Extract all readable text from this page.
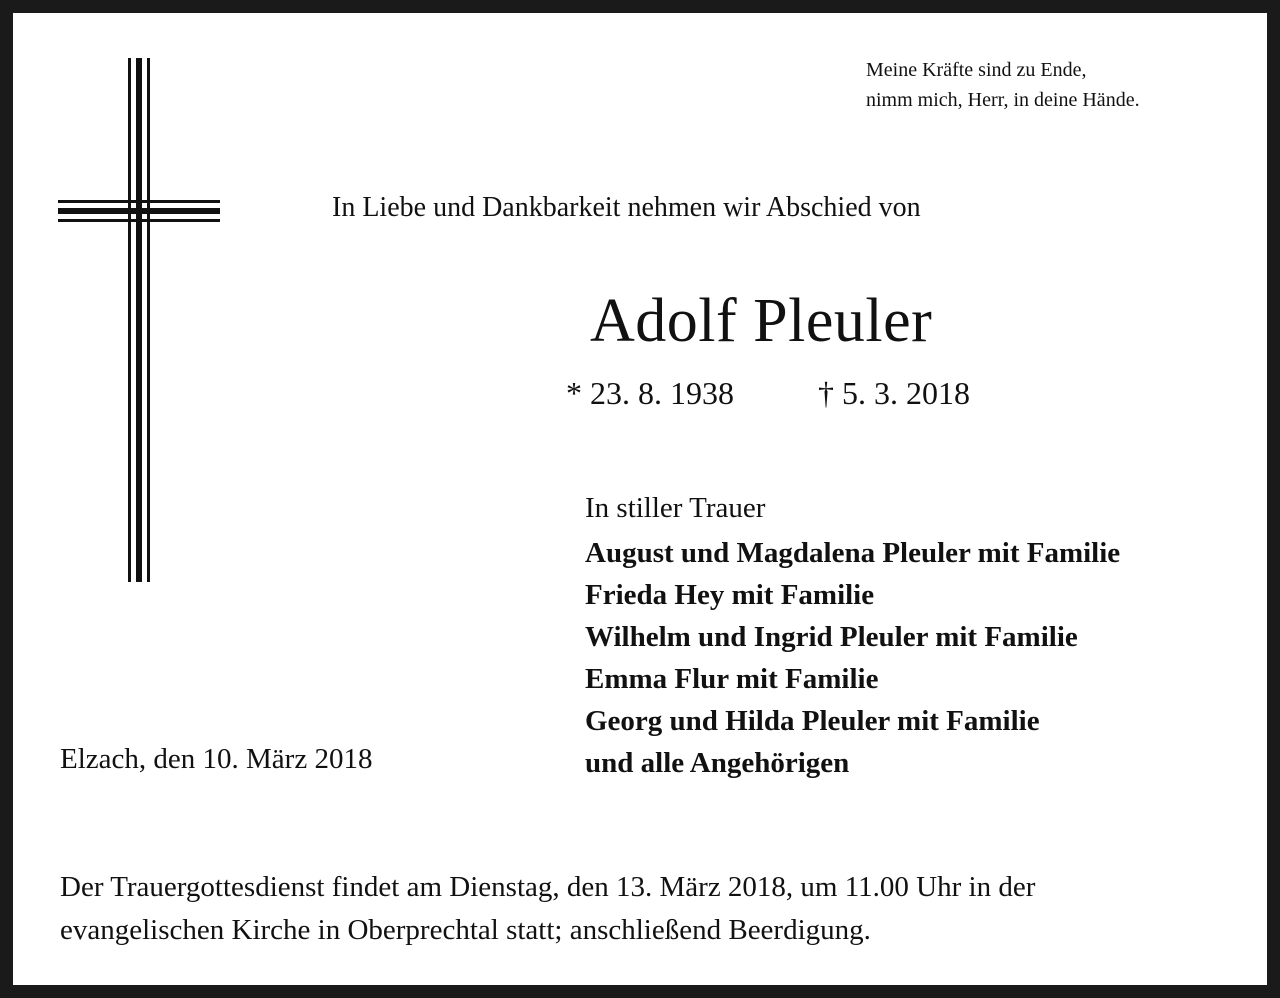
Meine Kräfte sind zu Ende,
nimm mich, Herr, in deine Hände.
In Liebe und Dankbarkeit nehmen wir Abschied von
Adolf Pleuler
* 23. 8. 1938	† 5. 3. 2018
In stiller Trauer
August und Magdalena Pleuler mit Familie
Frieda Hey mit Familie
Wilhelm und Ingrid Pleuler mit Familie
Emma Flur mit Familie
Georg und Hilda Pleuler mit Familie
und alle Angehörigen
Elzach, den 10. März 2018

Der Trauergottesdienst findet am Dienstag, den 13. März 2018, um 11.00 Uhr in der

evangelischen Kirche in Oberprechtal statt; anschließend Beerdigung.
